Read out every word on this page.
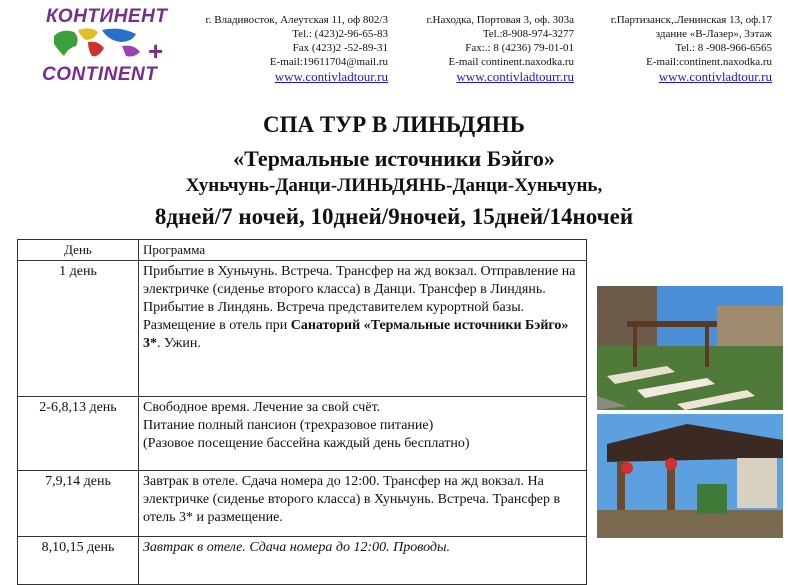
КОНТИНЕНТ
+
CONTINENT
г. Владивосток, Алеутская 11, оф 802/3
Tel.: (423)2-96-65-83
Fax (423)2 -52-89-31
E-mail:19611704@mail.ru
www.contivladtour.ru
г.Находка, Портовая 3, оф. 303а
Tel.:8-908-974-3277
Fax:.: 8 (4236) 79-01-01
E-mail continent.naxodka.ru
www.contivladtourr.ru
г.Партизанск,.Ленинская 13, оф.17
здание «В-Лазер», 3этаж
Tel.: 8 -908-966-6565
E-mail:continent.naxodka.ru
www.contivladtour.ru
СПА ТУР В ЛИНЬДЯНЬ
«Термальные источники Бэйго»
Хуньчунь-Данци-ЛИНЬДЯНЬ-Данци-Хуньчунь,
8дней/7 ночей, 10дней/9ночей, 15дней/14ночей
День	Программа
1 день	Прибытие в Хуньчунь. Встреча. Трансфер на жд вокзал. Отправление на электричке (сиденье второго класса) в Данци. Трансфер в Линдянь. Прибытие в Линдянь. Встреча представителем курортной базы. Размещение в отель при Санаторий «Термальные источники Бэйго» 3*. Ужин.
2-6,8,13 день	Свободное время. Лечение за свой счёт.
Питание полный пансион (трехразовое питание)
(Разовое посещение бассейна каждый день бесплатно)

7,9,14 день	Завтрак в отеле. Сдача номера до 12:00. Трансфер на жд вокзал. На электричке (сиденье второго класса) в Хуньчунь. Встреча. Трансфер в отель 3* и размещение.
8,10,15 день	Завтрак в отеле. Сдача номера до 12:00. Проводы.
